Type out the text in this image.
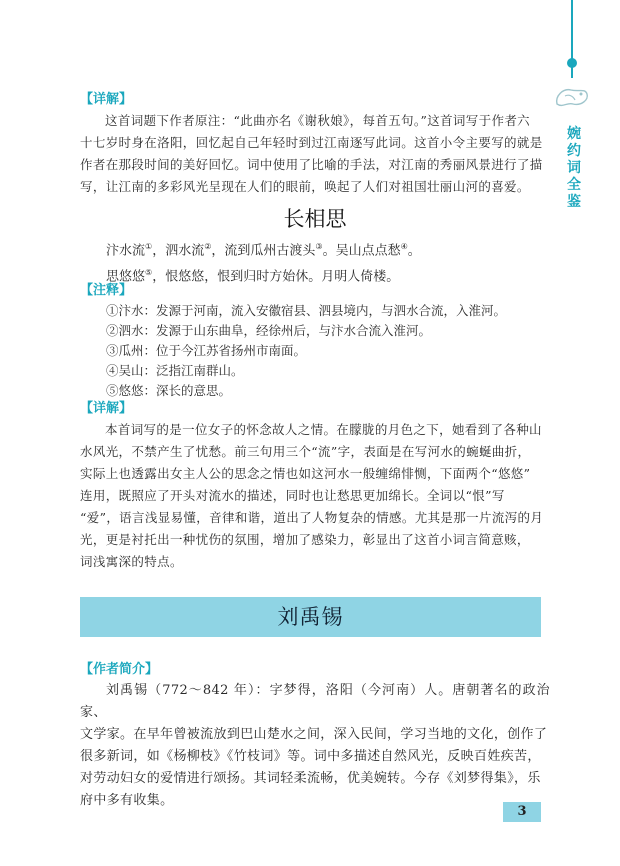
婉
约
词
全
鉴
【详解】

这首词题下作者原注：“此曲亦名《谢秋娘》，每首五句。”这首词写于作者六

十七岁时身在洛阳，回忆起自己年轻时到过江南逐写此词。这首小令主要写的就是

作者在那段时间的美好回忆。词中使用了比喻的手法，对江南的秀丽风景进行了描

写，让江南的多彩风光呈现在人们的眼前，唤起了人们对祖国壮丽山河的喜爱。

长相思

汴水流①，泗水流②，流到瓜州古渡头③。吴山点点愁④。

思悠悠⑤，恨悠悠，恨到归时方始休。月明人倚楼。

【注释】

①汴水：发源于河南，流入安徽宿县、泗县境内，与泗水合流，入淮河。

②泗水：发源于山东曲阜，经徐州后，与汴水合流入淮河。

③瓜州：位于今江苏省扬州市南面。

④吴山：泛指江南群山。

⑤悠悠：深长的意思。

【详解】

本首词写的是一位女子的怀念故人之情。在朦胧的月色之下，她看到了各种山

水风光，不禁产生了忧愁。前三句用三个“流”字，表面是在写河水的蜿蜒曲折，

实际上也透露出女主人公的思念之情也如这河水一般缠绵悱恻，下面两个“悠悠”

连用，既照应了开头对流水的描述，同时也让愁思更加绵长。全词以“恨”写

“爱”，语言浅显易懂，音律和谐，道出了人物复杂的情感。尤其是那一片流泻的月

光，更是衬托出一种忧伤的氛围，增加了感染力，彰显出了这首小词言简意赅，

词浅寓深的特点。

刘禹锡
【作者简介】

刘禹锡（772～842 年）：字梦得，洛阳（今河南）人。唐朝著名的政治家、

文学家。在早年曾被流放到巴山楚水之间，深入民间，学习当地的文化，创作了

很多新词，如《杨柳枝》《竹枝词》等。词中多描述自然风光，反映百姓疾苦，

对劳动妇女的爱情进行颂扬。其词轻柔流畅，优美婉转。今存《刘梦得集》，乐

府中多有收集。

3
